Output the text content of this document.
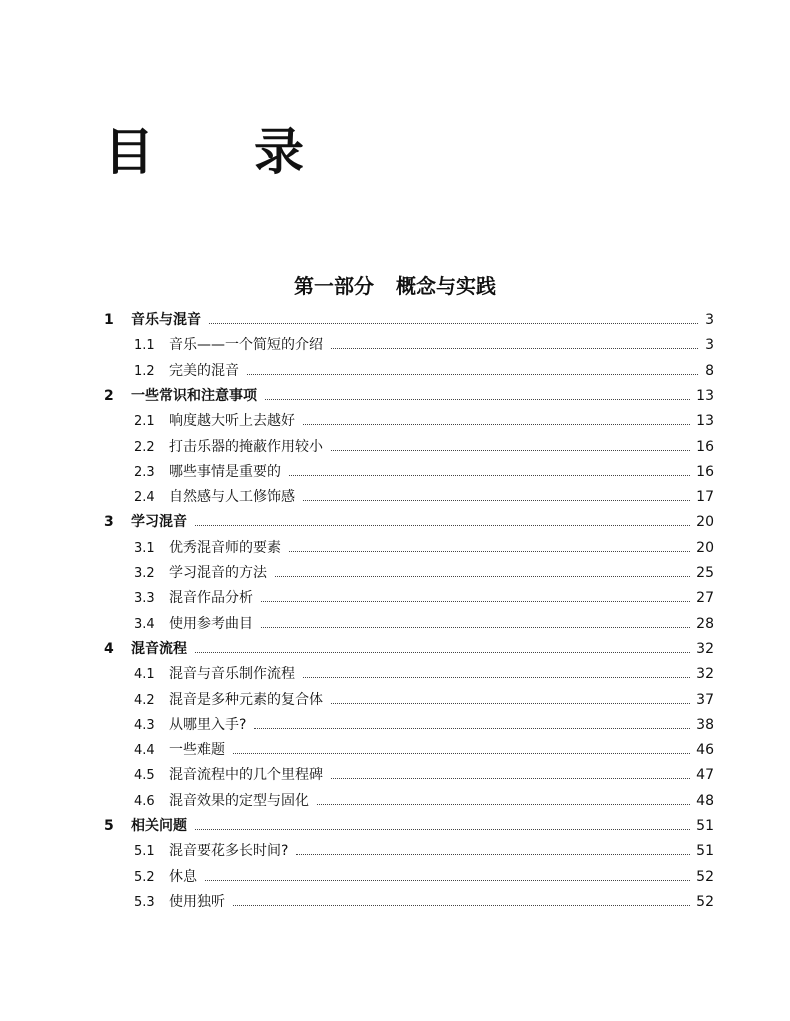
目 录
第一部分 概念与实践
1 音乐与混音	3
1.1 音乐——一个简短的介绍	3
1.2 完美的混音	8
2 一些常识和注意事项	13
2.1 响度越大听上去越好	13
2.2 打击乐器的掩蔽作用较小	16
2.3 哪些事情是重要的	16
2.4 自然感与人工修饰感	17
3 学习混音	20
3.1 优秀混音师的要素	20
3.2 学习混音的方法	25
3.3 混音作品分析	27
3.4 使用参考曲目	28
4 混音流程	32
4.1 混音与音乐制作流程	32
4.2 混音是多种元素的复合体	37
4.3 从哪里入手?	38
4.4 一些难题	46
4.5 混音流程中的几个里程碑	47
4.6 混音效果的定型与固化	48
5 相关问题	51
5.1 混音要花多长时间?	51
5.2 休息	52
5.3 使用独听	52
